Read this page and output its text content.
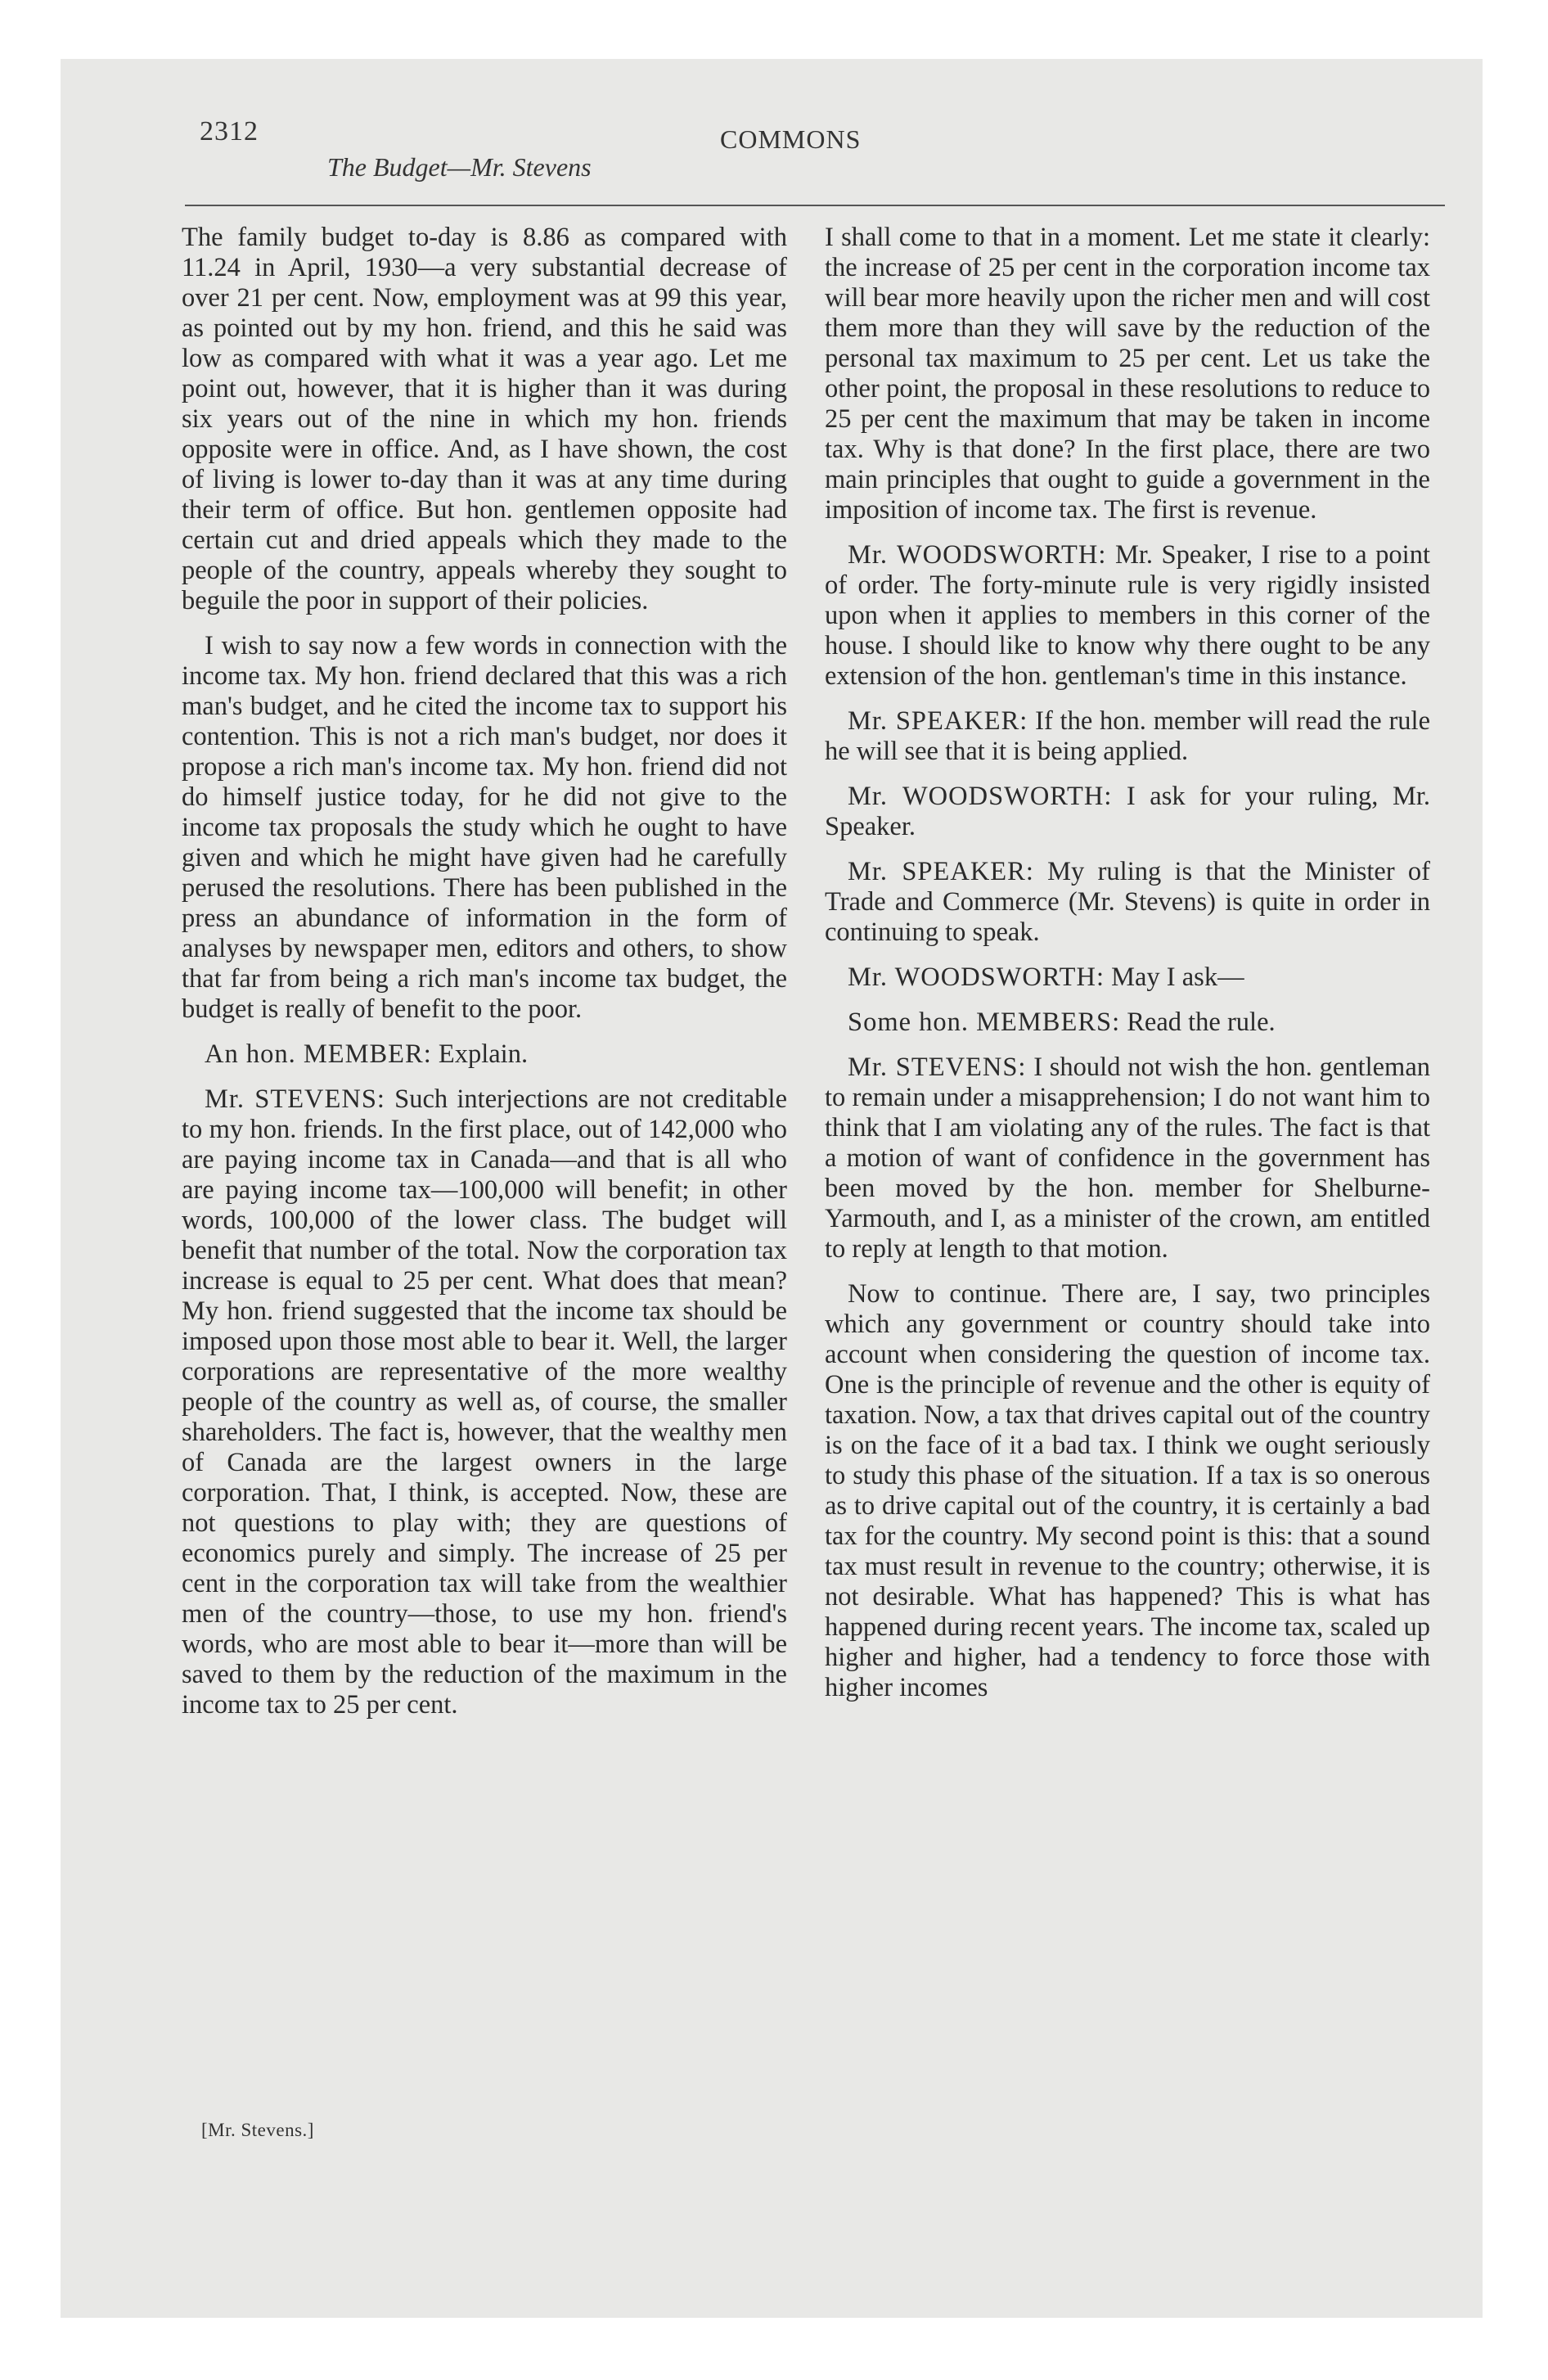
2312
The Budget—Mr. Stevens
COMMONS

The family budget to-day is 8.86 as compared with 11.24 in April, 1930—a very substantial decrease of over 21 per cent. Now, employment was at 99 this year, as pointed out by my hon. friend, and this he said was low as compared with what it was a year ago. Let me point out, however, that it is higher than it was during six years out of the nine in which my hon. friends opposite were in office. And, as I have shown, the cost of living is lower to-day than it was at any time during their term of office. But hon. gentlemen opposite had certain cut and dried appeals which they made to the people of the country, appeals whereby they sought to beguile the poor in support of their policies.

I wish to say now a few words in connection with the income tax. My hon. friend declared that this was a rich man's budget, and he cited the income tax to support his contention. This is not a rich man's budget, nor does it propose a rich man's income tax. My hon. friend did not do himself justice today, for he did not give to the income tax proposals the study which he ought to have given and which he might have given had he carefully perused the resolutions. There has been published in the press an abundance of information in the form of analyses by newspaper men, editors and others, to show that far from being a rich man's income tax budget, the budget is really of benefit to the poor.

An hon. MEMBER: Explain.

Mr. STEVENS: Such interjections are not creditable to my hon. friends. In the first place, out of 142,000 who are paying income tax in Canada—and that is all who are paying income tax—100,000 will benefit; in other words, 100,000 of the lower class. The budget will benefit that number of the total. Now the corporation tax increase is equal to 25 per cent. What does that mean? My hon. friend suggested that the income tax should be imposed upon those most able to bear it. Well, the larger corporations are representative of the more wealthy people of the country as well as, of course, the smaller shareholders. The fact is, however, that the wealthy men of Canada are the largest owners in the large corporation. That, I think, is accepted. Now, these are not questions to play with; they are questions of economics purely and simply. The increase of 25 per cent in the corporation tax will take from the wealthier men of the country—those, to use my hon. friend's words, who are most able to bear it—more than will be saved to them by the reduction of the maximum in the income tax to 25 per cent.

[Mr. Stevens.]

I shall come to that in a moment. Let me state it clearly: the increase of 25 per cent in the corporation income tax will bear more heavily upon the richer men and will cost them more than they will save by the reduction of the personal tax maximum to 25 per cent. Let us take the other point, the proposal in these resolutions to reduce to 25 per cent the maximum that may be taken in income tax. Why is that done? In the first place, there are two main principles that ought to guide a government in the imposition of income tax. The first is revenue.

Mr. WOODSWORTH: Mr. Speaker, I rise to a point of order. The forty-minute rule is very rigidly insisted upon when it applies to members in this corner of the house. I should like to know why there ought to be any extension of the hon. gentleman's time in this instance.

Mr. SPEAKER: If the hon. member will read the rule he will see that it is being applied.

Mr. WOODSWORTH: I ask for your ruling, Mr. Speaker.

Mr. SPEAKER: My ruling is that the Minister of Trade and Commerce (Mr. Stevens) is quite in order in continuing to speak.

Mr. WOODSWORTH: May I ask—

Some hon. MEMBERS: Read the rule.

Mr. STEVENS: I should not wish the hon. gentleman to remain under a misapprehension; I do not want him to think that I am violating any of the rules. The fact is that a motion of want of confidence in the government has been moved by the hon. member for Shelburne-Yarmouth, and I, as a minister of the crown, am entitled to reply at length to that motion.

Now to continue. There are, I say, two principles which any government or country should take into account when considering the question of income tax. One is the principle of revenue and the other is equity of taxation. Now, a tax that drives capital out of the country is on the face of it a bad tax. I think we ought seriously to study this phase of the situation. If a tax is so onerous as to drive capital out of the country, it is certainly a bad tax for the country. My second point is this: that a sound tax must result in revenue to the country; otherwise, it is not desirable. What has happened? This is what has happened during recent years. The income tax, scaled up higher and higher, had a tendency to force those with higher incomes
